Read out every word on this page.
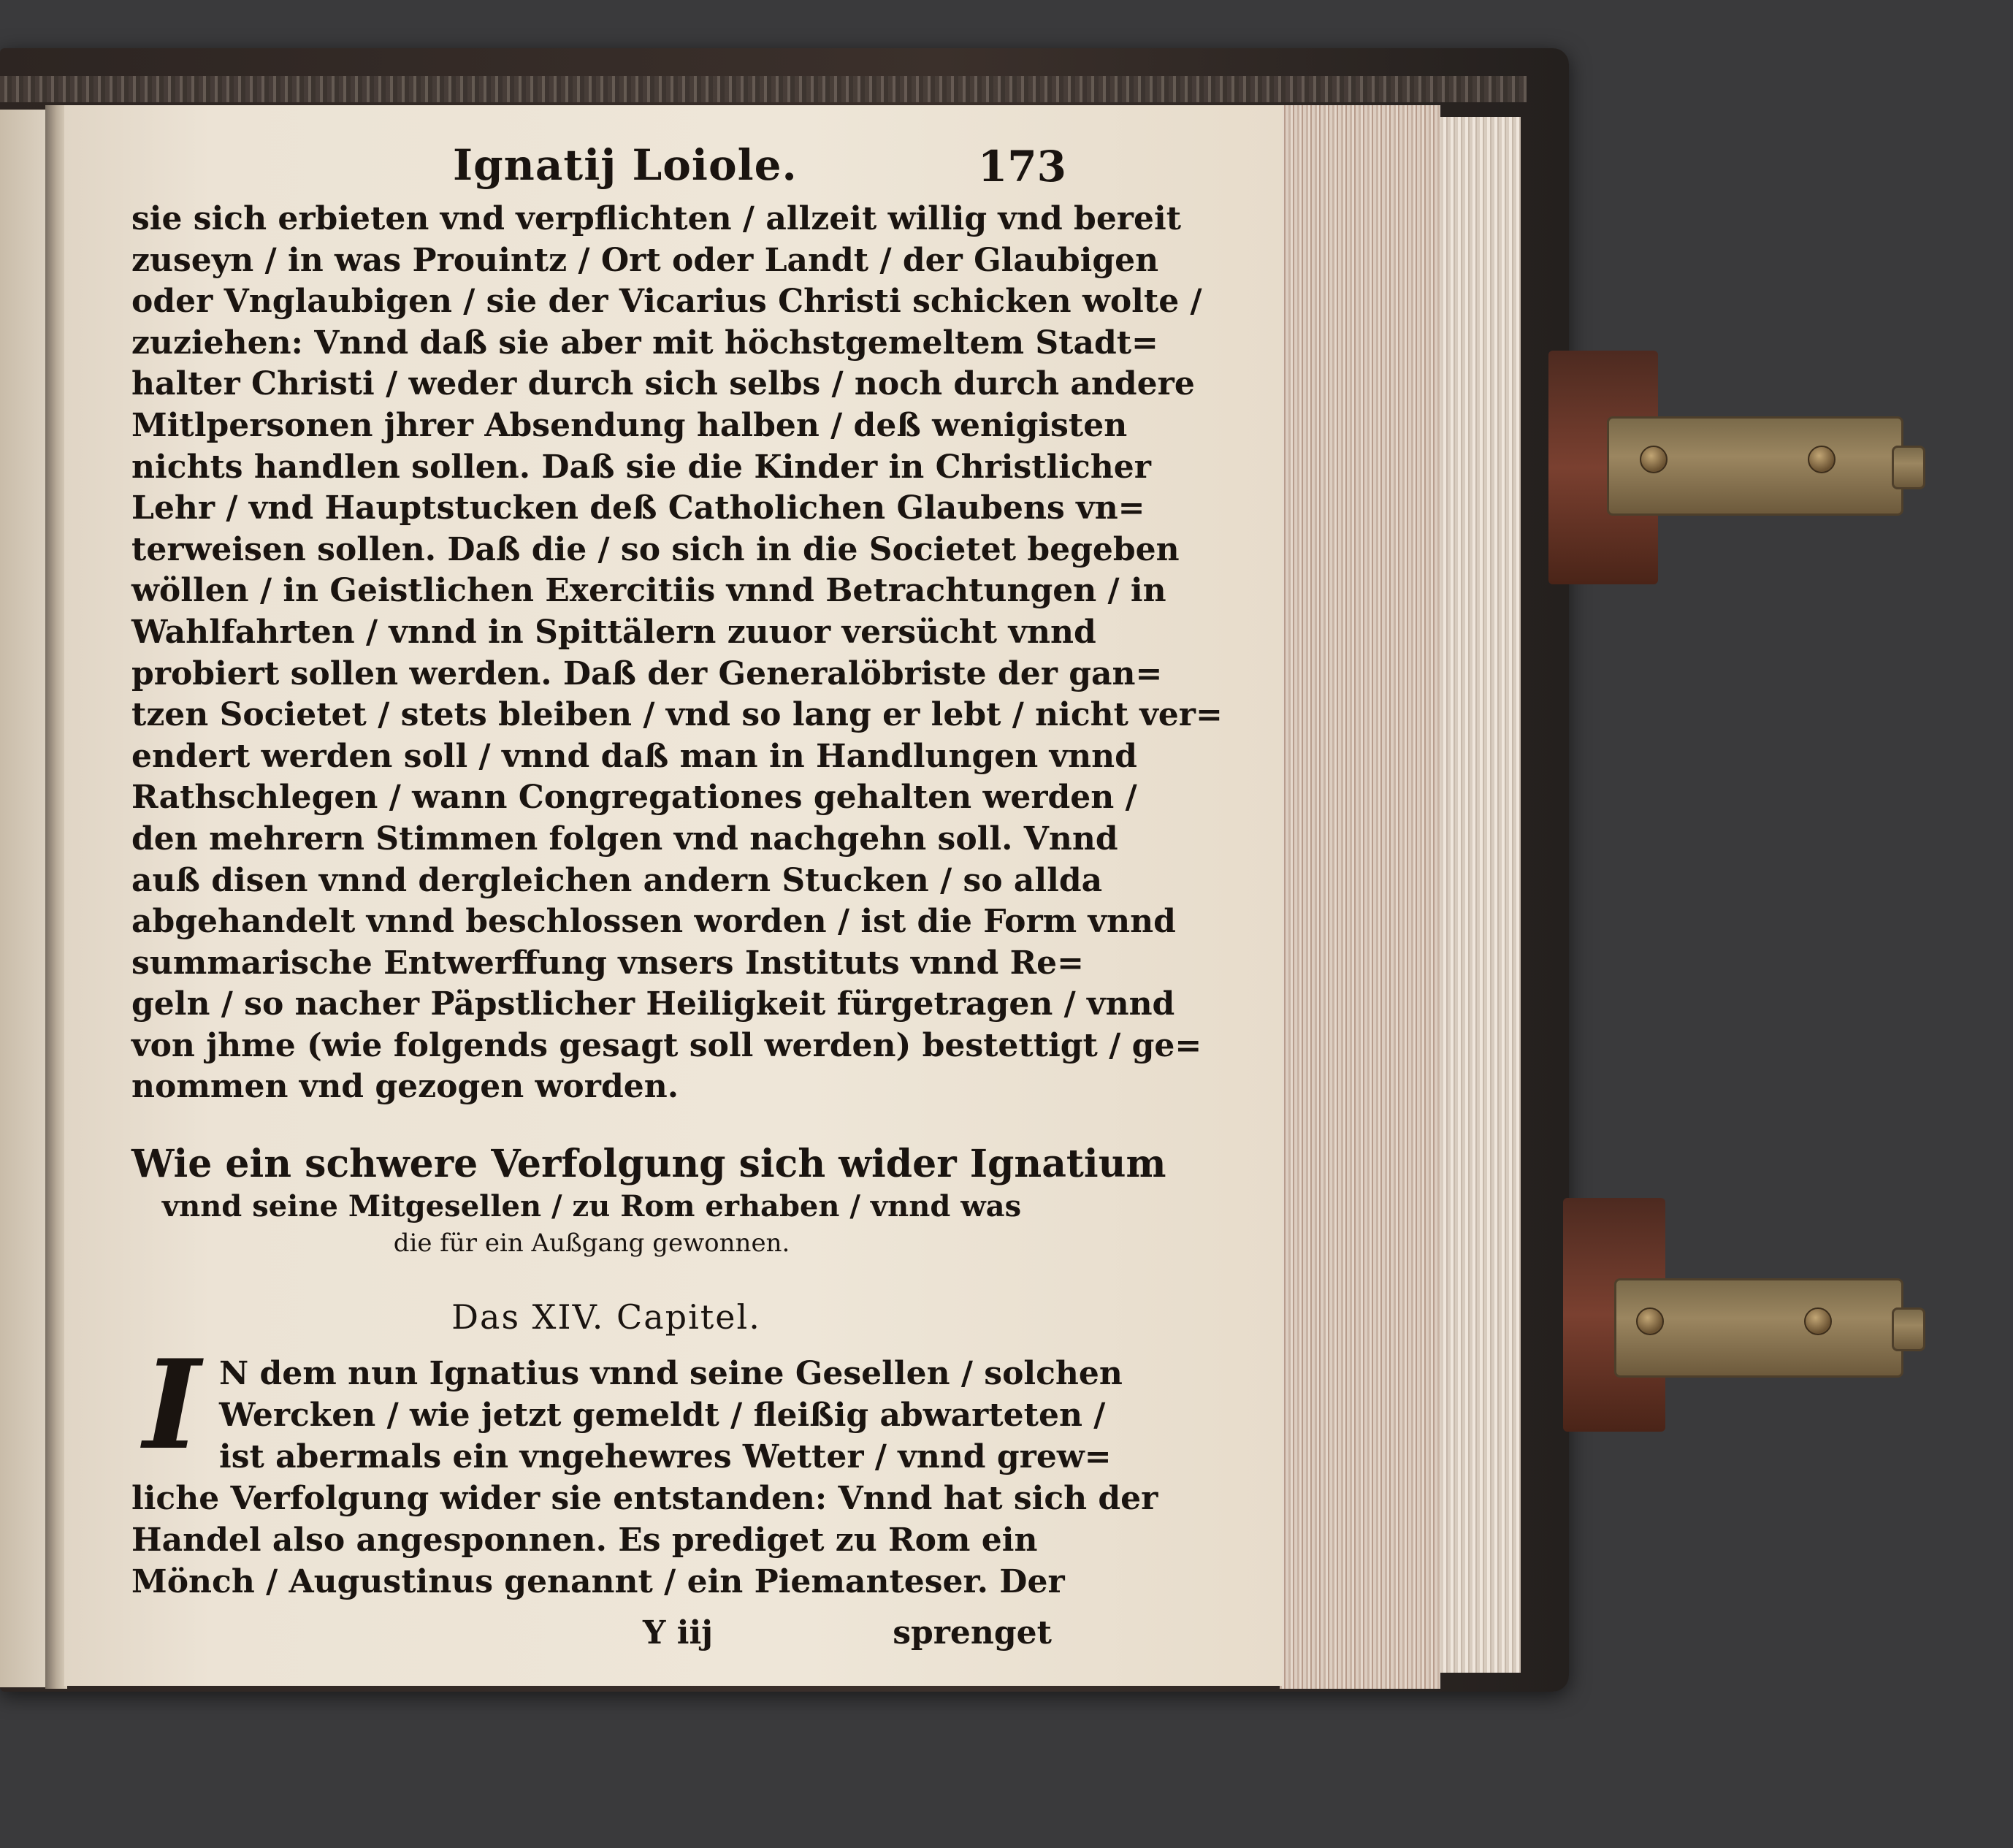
Ignatij Loiole.	173
sie sich erbieten vnd verpflichten / allzeit willig vnd bereit
zuseyn / in was Prouintz / Ort oder Landt / der Glaubigen
oder Vnglaubigen / sie der Vicarius Christi schicken wolte /
zuziehen: Vnnd daß sie aber mit höchstgemeltem Stadt=
halter Christi / weder durch sich selbs / noch durch andere
Mitlpersonen jhrer Absendung halben / deß wenigisten
nichts handlen sollen. Daß sie die Kinder in Christlicher
Lehr / vnd Hauptstucken deß Catholichen Glaubens vn=
terweisen sollen. Daß die / so sich in die Societet begeben
wöllen / in Geistlichen Exercitiis vnnd Betrachtungen / in
Wahlfahrten / vnnd in Spittälern zuuor versücht vnnd
probiert sollen werden. Daß der Generalöbriste der gan=
tzen Societet / stets bleiben / vnd so lang er lebt / nicht ver=
endert werden soll / vnnd daß man in Handlungen vnnd
Rathschlegen / wann Congregationes gehalten werden /
den mehrern Stimmen folgen vnd nachgehn soll. Vnnd
auß disen vnnd dergleichen andern Stucken / so allda
abgehandelt vnnd beschlossen worden / ist die Form vnnd
summarische Entwerffung vnsers Instituts vnnd Re=
geln / so nacher Päpstlicher Heiligkeit fürgetragen / vnnd
von jhme (wie folgends gesagt soll werden) bestettigt / ge=
nommen vnd gezogen worden.
Wie ein schwere Verfolgung sich wider Ignatium
vnnd seine Mitgesellen / zu Rom erhaben / vnnd was
die für ein Außgang gewonnen.
Das XIV. Capitel.
I N dem nun Ignatius vnnd seine Gesellen / solchen
Wercken / wie jetzt gemeldt / fleißig abwarteten /
ist abermals ein vngehewres Wetter / vnnd grew=
liche Verfolgung wider sie entstanden: Vnnd hat sich der
Handel also angesponnen. Es prediget zu Rom ein
Mönch / Augustinus genannt / ein Piemanteser. Der
Y iij	sprenget
